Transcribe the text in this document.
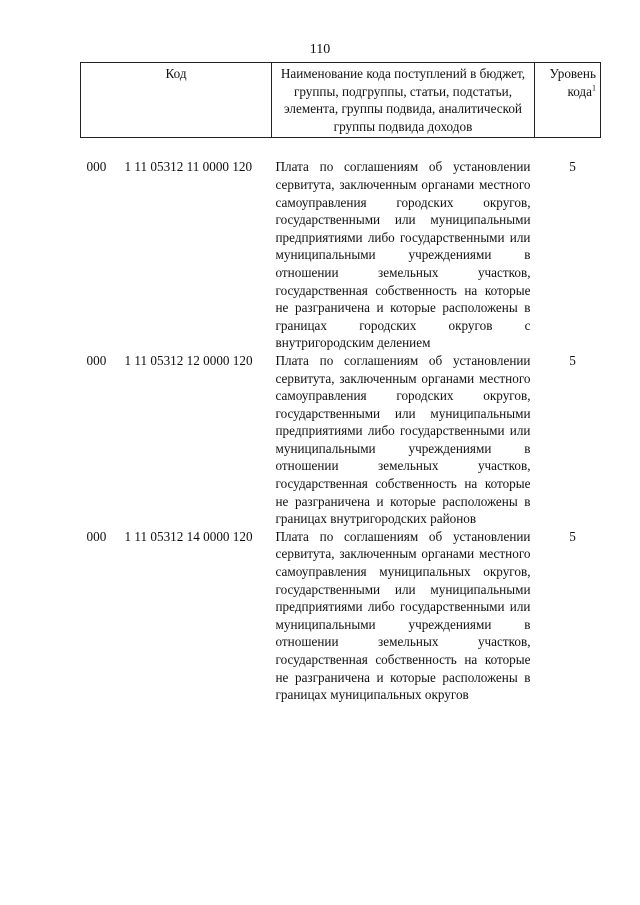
110
Код	Наименование кода поступлений в бюджет, группы, подгруппы, статьи, подстатьи, элемента, группы подвида, аналитической группы подвида доходов	Уровень кода$^1$

000 1 11 05312 11 0000 120	Плата по соглашениям об установлении сервитута, заключенным органами местного самоуправления городских округов, государственными или муниципальными предприятиями либо государственными или муниципальными учреждениями в отношении земельных участков, государственная собственность на которые не разграничена и которые расположены в границах городских округов с внутригородским делением	5
000 1 11 05312 12 0000 120	Плата по соглашениям об установлении сервитута, заключенным органами местного самоуправления городских округов, государственными или муниципальными предприятиями либо государственными или муниципальными учреждениями в отношении земельных участков, государственная собственность на которые не разграничена и которые расположены в границах внутригородских районов	5
000 1 11 05312 14 0000 120	Плата по соглашениям об установлении сервитута, заключенным органами местного самоуправления муниципальных округов, государственными или муниципальными предприятиями либо государственными или муниципальными учреждениями в отношении земельных участков, государственная собственность на которые не разграничена и которые расположены в границах муниципальных округов	5
